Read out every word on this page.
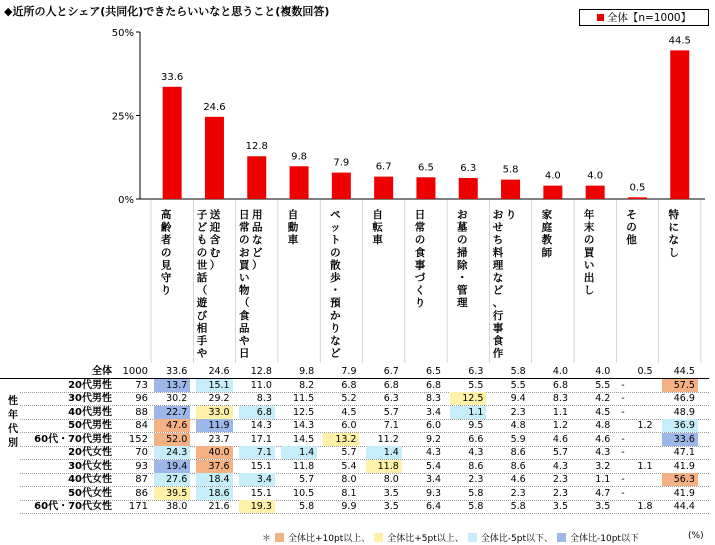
◆近所の人とシェア(共同化)できたらいいなと思うこと(複数回答)	全体【n=1000】
0%
25%
50%
33.6
高齢者の見守り
24.6
子どもの世話（遊び相手や送迎含む）
12.8
日常のお買い物（食品や日用品など）
9.8
自動車
7.9
ペットの散歩・預かりなど
6.7
自転車
6.5
日常の食事づくり
6.3
お墓の掃除・管理
5.8
おせち料理など、行事食作り
4.0
家庭教師
4.0
年末の買い出し
0.5
その他
44.5
特になし
性年代別
全体	1000	33.6	24.6	12.8	9.8	7.9	6.7	6.5	6.3	5.8	4.0	4.0	0.5	44.5
20代男性	73	13.7	15.1	11.0	8.2	6.8	6.8	6.8	5.5	5.5	6.8	5.5	-	57.5
30代男性	96	30.2	29.2	8.3	11.5	5.2	6.3	8.3	12.5	9.4	8.3	4.2	-	46.9
40代男性	88	22.7	33.0	6.8	12.5	4.5	5.7	3.4	1.1	2.3	1.1	4.5	-	48.9
50代男性	84	47.6	11.9	14.3	14.3	6.0	7.1	6.0	9.5	4.8	1.2	4.8	1.2	36.9
60代・70代男性	152	52.0	23.7	17.1	14.5	13.2	11.2	9.2	6.6	5.9	4.6	4.6	-	33.6
20代女性	70	24.3	40.0	7.1	1.4	5.7	1.4	4.3	4.3	8.6	5.7	4.3	-	47.1
30代女性	93	19.4	37.6	15.1	11.8	5.4	11.8	5.4	8.6	8.6	4.3	3.2	1.1	41.9
40代女性	87	27.6	18.4	3.4	5.7	8.0	8.0	3.4	2.3	4.6	2.3	1.1	-	56.3
50代女性	86	39.5	18.6	15.1	10.5	8.1	3.5	9.3	5.8	2.3	2.3	4.7	-	41.9
60代・70代女性	171	38.0	21.6	19.3	5.8	9.9	3.5	6.4	5.8	5.8	3.5	3.5	1.8	44.4
＊ 全体比+10pt以上、 全体比+5pt以上、 全体比-5pt以下、 全体比-10pt以下	(%)
